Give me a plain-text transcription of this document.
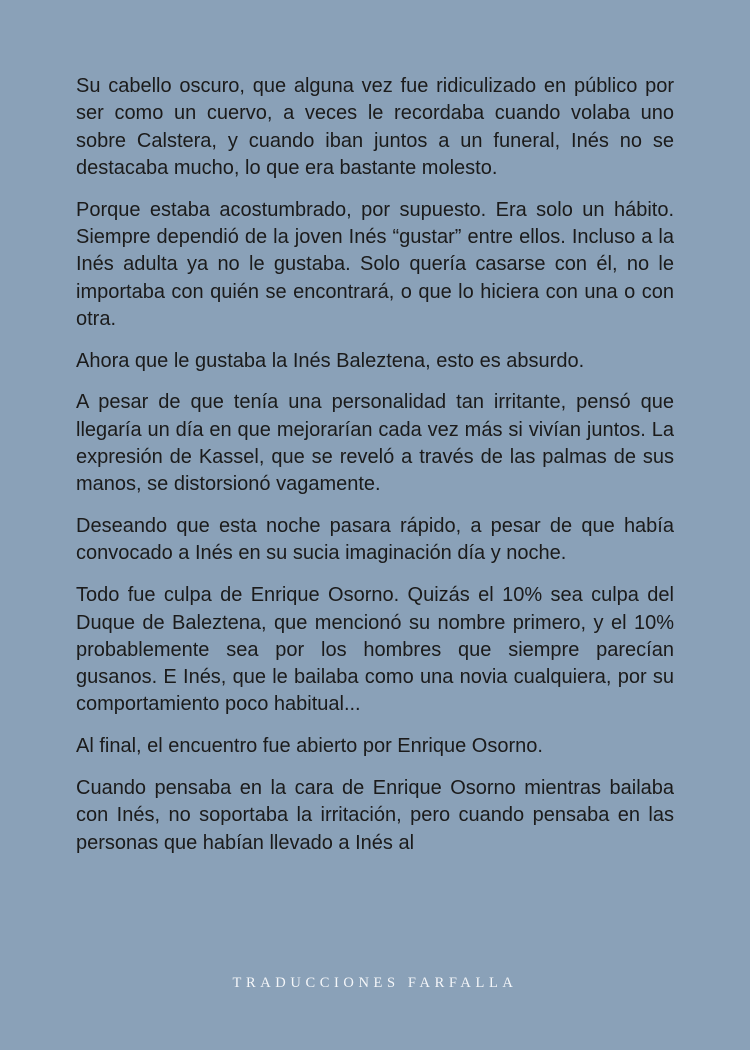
Su cabello oscuro, que alguna vez fue ridiculizado en público por ser como un cuervo, a veces le recordaba cuando volaba uno sobre Calstera, y cuando iban juntos a un funeral, Inés no se destacaba mucho, lo que era bastante molesto.

Porque estaba acostumbrado, por supuesto. Era solo un hábito. Siempre dependió de la joven Inés “gustar” entre ellos. Incluso a la Inés adulta ya no le gustaba. Solo quería casarse con él, no le importaba con quién se encontrará, o que lo hiciera con una o con otra.

Ahora que le gustaba la Inés Baleztena, esto es absurdo.

A pesar de que tenía una personalidad tan irritante, pensó que llegaría un día en que mejorarían cada vez más si vivían juntos. La expresión de Kassel, que se reveló a través de las palmas de sus manos, se distorsionó vagamente.

Deseando que esta noche pasara rápido, a pesar de que había convocado a Inés en su sucia imaginación día y noche.

Todo fue culpa de Enrique Osorno. Quizás el 10% sea culpa del Duque de Baleztena, que mencionó su nombre primero, y el 10% probablemente sea por los hombres que siempre parecían gusanos. E Inés, que le bailaba como una novia cualquiera, por su comportamiento poco habitual...

Al final, el encuentro fue abierto por Enrique Osorno.

Cuando pensaba en la cara de Enrique Osorno mientras bailaba con Inés, no soportaba la irritación, pero cuando pensaba en las personas que habían llevado a Inés al

TRADUCCIONES FARFALLA
